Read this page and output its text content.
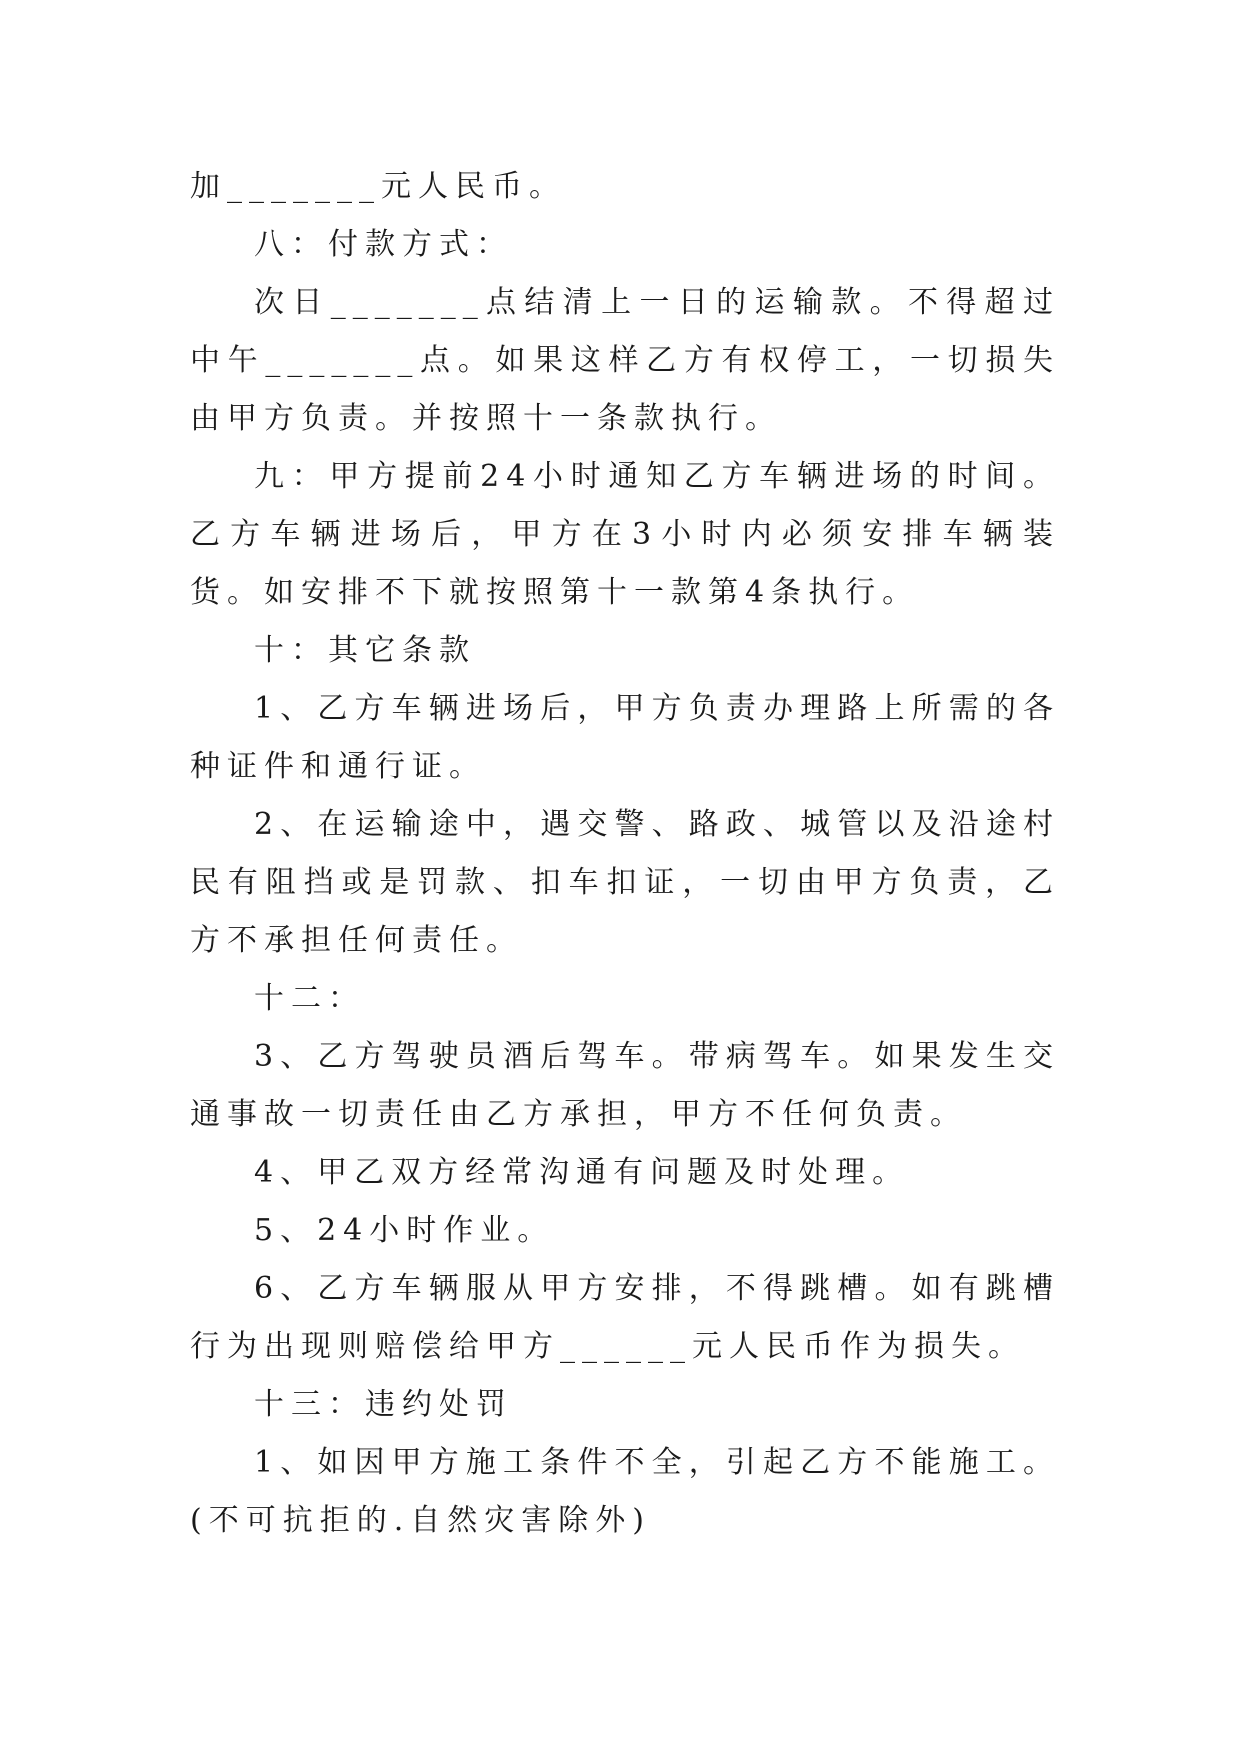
加_______元人民币。

八：付款方式：

次日_______点结清上一日的运输款。不得超过中午_______点。如果这样乙方有权停工，一切损失由甲方负责。并按照十一条款执行。

九：甲方提前24小时通知乙方车辆进场的时间。乙方车辆进场后，甲方在3小时内必须安排车辆装货。如安排不下就按照第十一款第4条执行。

十：其它条款

1、乙方车辆进场后，甲方负责办理路上所需的各种证件和通行证。

2、在运输途中，遇交警、路政、城管以及沿途村民有阻挡或是罚款、扣车扣证，一切由甲方负责，乙方不承担任何责任。

十二：

3、乙方驾驶员酒后驾车。带病驾车。如果发生交通事故一切责任由乙方承担，甲方不任何负责。

4、甲乙双方经常沟通有问题及时处理。

5、24小时作业。

6、乙方车辆服从甲方安排，不得跳槽。如有跳槽行为出现则赔偿给甲方______元人民币作为损失。

十三：违约处罚

1、如因甲方施工条件不全，引起乙方不能施工。(不可抗拒的.自然灾害除外)
